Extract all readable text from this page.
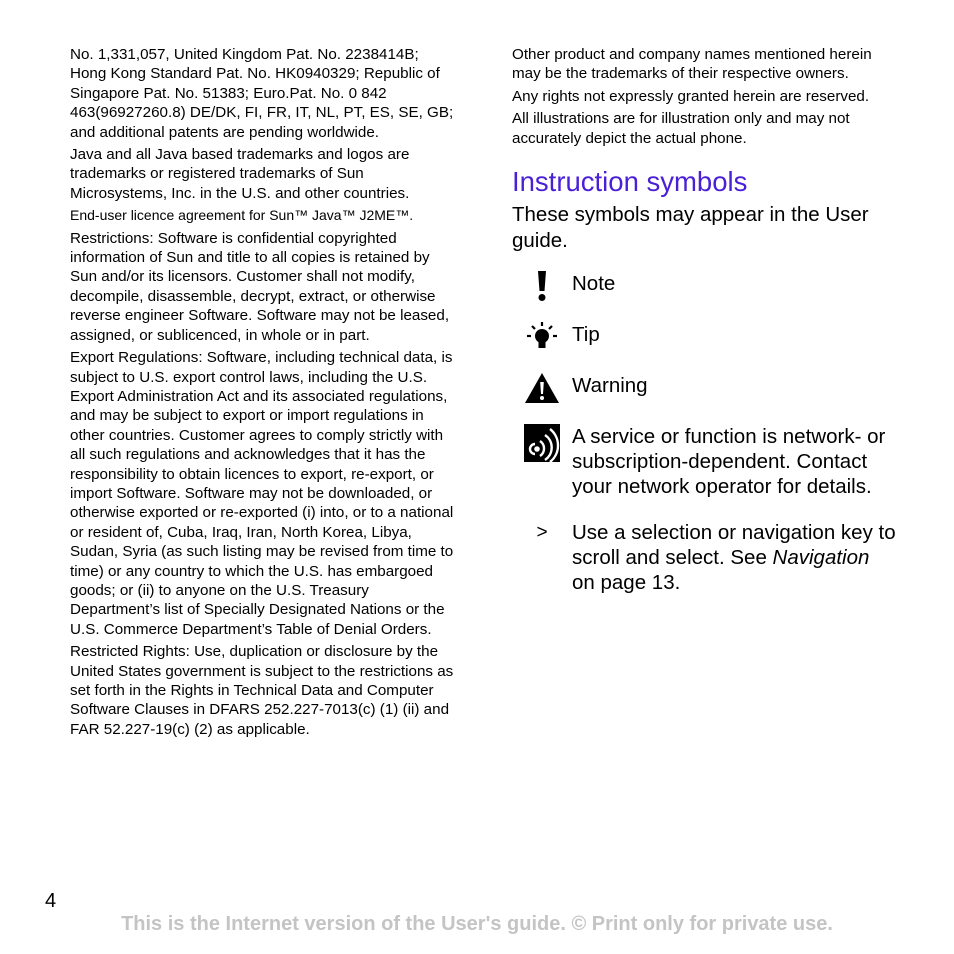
No. 1,331,057, United Kingdom Pat. No. 2238414B; Hong Kong Standard Pat. No. HK0940329; Republic of Singapore Pat. No. 51383; Euro.Pat. No. 0 842 463(96927260.8) DE/DK, FI, FR, IT, NL, PT, ES, SE, GB; and additional patents are pending worldwide.

Java and all Java based trademarks and logos are trademarks or registered trademarks of Sun Microsystems, Inc. in the U.S. and other countries.

End-user licence agreement for Sun™ Java™ J2ME™.

Restrictions: Software is confidential copyrighted information of Sun and title to all copies is retained by Sun and/or its licensors. Customer shall not modify, decompile, disassemble, decrypt, extract, or otherwise reverse engineer Software. Software may not be leased, assigned, or sublicenced, in whole or in part.

Export Regulations: Software, including technical data, is subject to U.S. export control laws, including the U.S. Export Administration Act and its associated regulations, and may be subject to export or import regulations in other countries. Customer agrees to comply strictly with all such regulations and acknowledges that it has the responsibility to obtain licences to export, re-export, or import Software. Software may not be downloaded, or otherwise exported or re-exported (i) into, or to a national or resident of, Cuba, Iraq, Iran, North Korea, Libya, Sudan, Syria (as such listing may be revised from time to time) or any country to which the U.S. has embargoed goods; or (ii) to anyone on the U.S. Treasury Department’s list of Specially Designated Nations or the U.S. Commerce Department’s Table of Denial Orders.

Restricted Rights: Use, duplication or disclosure by the United States government is subject to the restrictions as set forth in the Rights in Technical Data and Computer Software Clauses in DFARS 252.227-7013(c) (1) (ii) and FAR 52.227-19(c) (2) as applicable.

Other product and company names mentioned herein may be the trademarks of their respective owners.

Any rights not expressly granted herein are reserved.

All illustrations are for illustration only and may not accurately depict the actual phone.

Instruction symbols

These symbols may appear in the User guide.

Note
Tip
Warning
A service or function is network- or subscription-dependent. Contact your network operator for details.
>	Use a selection or navigation key to scroll and select. See Navigation on page 13.
4
This is the Internet version of the User's guide. © Print only for private use.
